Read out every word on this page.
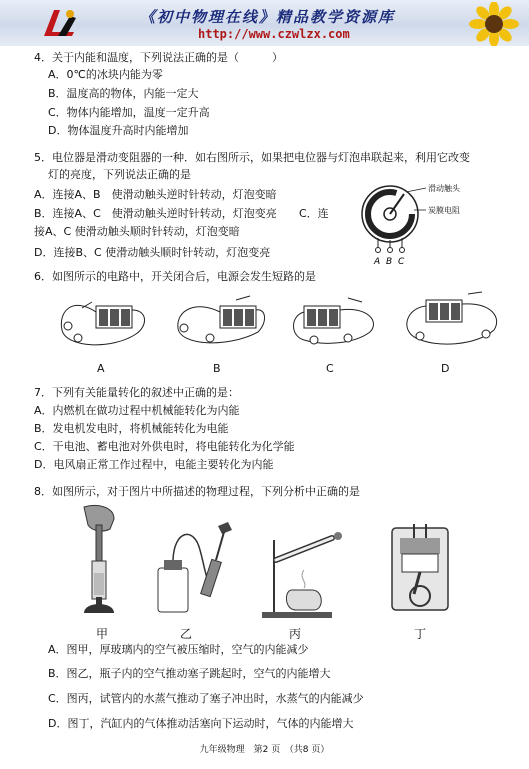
《初中物理在线》精品教学资源库
http://www.czwlzx.com
4．关于内能和温度，下列说法正确的是（　　　）
A．0℃的冰块内能为零
B．温度高的物体，内能一定大
C．物体内能增加，温度一定升高
D．物体温度升高时内能增加
5．电位器是滑动变阻器的一种．如右图所示，如果把电位器与灯泡串联起来，利用它改变
灯的亮度，下列说法正确的是
A．连接A、B　使滑动触头逆时针转动，灯泡变暗
B．连接A、C　使滑动触头逆时针转动，灯泡变亮 C．连
接A、C 使滑动触头顺时针转动，灯泡变暗
D．连接B、C 使滑动触头顺时针转动，灯泡变亮
A B C
滑动触头
炭膜电阻
6．如图所示的电路中，开关闭合后，电源会发生短路的是
A	B	C	D
7．下列有关能量转化的叙述中正确的是：
A．内燃机在做功过程中机械能转化为内能
B．发电机发电时，将机械能转化为电能
C．干电池、蓄电池对外供电时，将电能转化为化学能
D．电风扇正常工作过程中，电能主要转化为内能
8．如图所示，对于图片中所描述的物理过程，下列分析中正确的是
甲	乙	丙	丁
A．图甲，厚玻璃内的空气被压缩时，空气的内能减少
B．图乙，瓶子内的空气推动塞子跳起时，空气的内能增大
C．图丙，试管内的水蒸气推动了塞子冲出时，水蒸气的内能减少
D．图丁，汽缸内的气体推动活塞向下运动时，气体的内能增大
九年级物理　第2 页　（共8 页）
